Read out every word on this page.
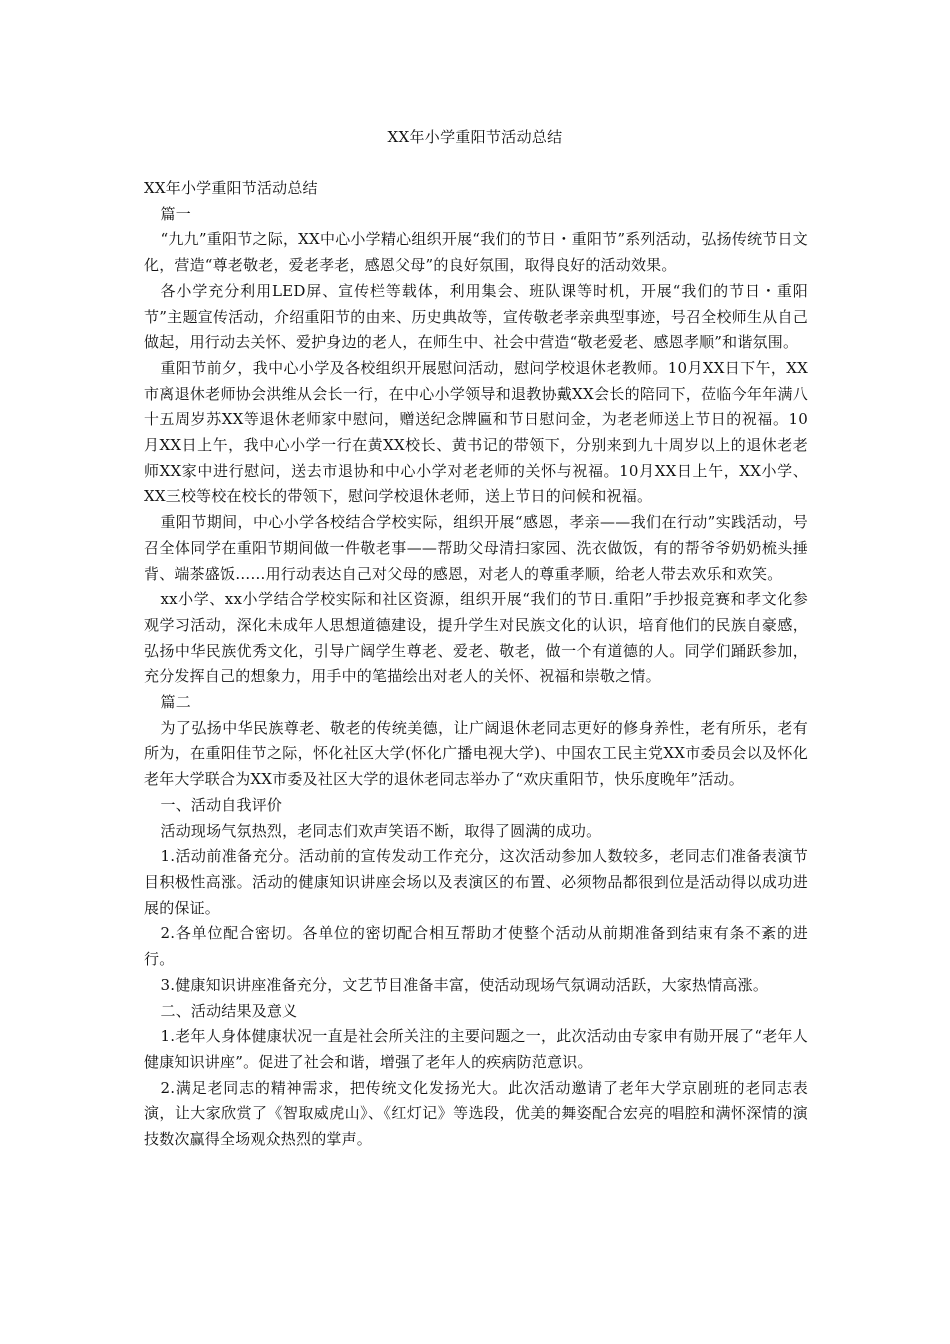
XX年小学重阳节活动总结

XX年小学重阳节活动总结

篇一

“九九”重阳节之际，XX中心小学精心组织开展“我们的节日・重阳节”系列活动，弘扬传统节日文化，营造“尊老敬老，爱老孝老，感恩父母”的良好氛围，取得良好的活动效果。

各小学充分利用LED屏、宣传栏等载体，利用集会、班队课等时机，开展“我们的节日・重阳节”主题宣传活动，介绍重阳节的由来、历史典故等，宣传敬老孝亲典型事迹，号召全校师生从自己做起，用行动去关怀、爱护身边的老人，在师生中、社会中营造“敬老爱老、感恩孝顺”和谐氛围。

重阳节前夕，我中心小学及各校组织开展慰问活动，慰问学校退休老教师。10月XX日下午，XX市离退休老师协会洪维从会长一行，在中心小学领导和退教协戴XX会长的陪同下，莅临今年年满八十五周岁苏XX等退休老师家中慰问，赠送纪念牌匾和节日慰问金，为老老师送上节日的祝福。10月XX日上午，我中心小学一行在黄XX校长、黄书记的带领下，分别来到九十周岁以上的退休老老师XX家中进行慰问，送去市退协和中心小学对老老师的关怀与祝福。10月XX日上午，XX小学、XX三校等校在校长的带领下，慰问学校退休老师，送上节日的问候和祝福。

重阳节期间，中心小学各校结合学校实际，组织开展“感恩，孝亲——我们在行动”实践活动，号召全体同学在重阳节期间做一件敬老事——帮助父母清扫家园、洗衣做饭，有的帮爷爷奶奶梳头捶背、端茶盛饭……用行动表达自己对父母的感恩，对老人的尊重孝顺，给老人带去欢乐和欢笑。

xx小学、xx小学结合学校实际和社区资源，组织开展“我们的节日.重阳”手抄报竞赛和孝文化参观学习活动，深化未成年人思想道德建设，提升学生对民族文化的认识，培育他们的民族自豪感，弘扬中华民族优秀文化，引导广阔学生尊老、爱老、敬老，做一个有道德的人。同学们踊跃参加，充分发挥自己的想象力，用手中的笔描绘出对老人的关怀、祝福和崇敬之情。

篇二

为了弘扬中华民族尊老、敬老的传统美德，让广阔退休老同志更好的修身养性，老有所乐，老有所为，在重阳佳节之际，怀化社区大学(怀化广播电视大学)、中国农工民主党XX市委员会以及怀化老年大学联合为XX市委及社区大学的退休老同志举办了“欢庆重阳节，快乐度晚年”活动。

一、活动自我评价

活动现场气氛热烈，老同志们欢声笑语不断，取得了圆满的成功。

1.活动前准备充分。活动前的宣传发动工作充分，这次活动参加人数较多，老同志们准备表演节目积极性高涨。活动的健康知识讲座会场以及表演区的布置、必须物品都很到位是活动得以成功进展的保证。

2.各单位配合密切。各单位的密切配合相互帮助才使整个活动从前期准备到结束有条不紊的进行。

3.健康知识讲座准备充分，文艺节目准备丰富，使活动现场气氛调动活跃，大家热情高涨。

二、活动结果及意义

1.老年人身体健康状况一直是社会所关注的主要问题之一，此次活动由专家申有勋开展了“老年人健康知识讲座”。促进了社会和谐，增强了老年人的疾病防范意识。

2.满足老同志的精神需求，把传统文化发扬光大。此次活动邀请了老年大学京剧班的老同志表演，让大家欣赏了《智取威虎山》、《红灯记》等选段，优美的舞姿配合宏亮的唱腔和满怀深情的演技数次赢得全场观众热烈的掌声。
